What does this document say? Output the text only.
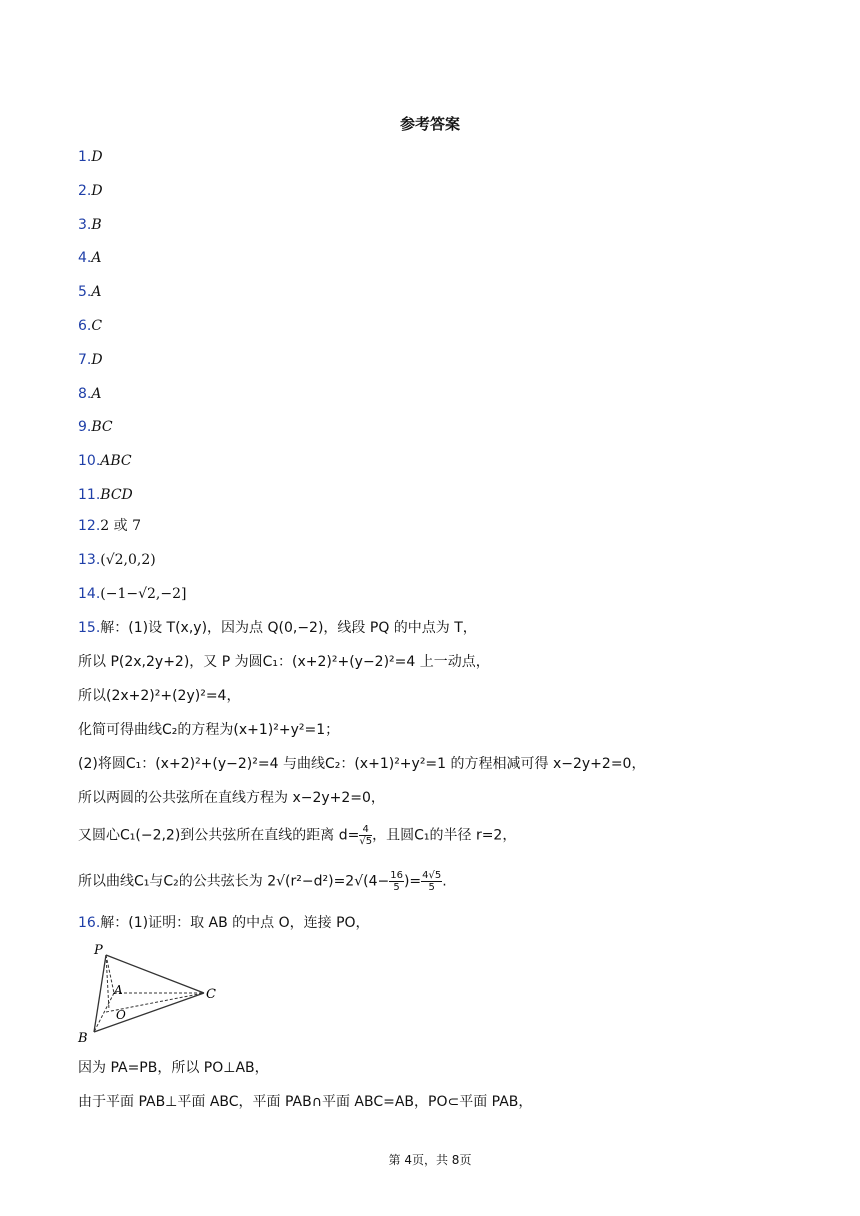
参考答案
1.D
2.D
3.B
4.A
5.A
6.C
7.D
8.A
9.BC
10.ABC
11.BCD
12.2 或 7
13.(√2,0,2)
14.(−1−√2,−2]
15.解：(1)设 T(x,y)，因为点 Q(0,−2)，线段 PQ 的中点为 T，
所以 P(2x,2y+2)，又 P 为圆C₁：(x+2)²+(y−2)²=4 上一动点，
所以(2x+2)²+(2y)²=4，
化简可得曲线C₂的方程为(x+1)²+y²=1；
(2)将圆C₁：(x+2)²+(y−2)²=4 与曲线C₂：(x+1)²+y²=1 的方程相减可得 x−2y+2=0，
所以两圆的公共弦所在直线方程为 x−2y+2=0，
又圆心C₁(−2,2)到公共弦所在直线的距离 $d= \frac{4}{√5}$ ，且圆C₁的半径 r=2，
所以曲线C₁与C₂的公共弦长为 $2√(r^2-d^2)=2√(4- \frac{16}{5}$ )= $\frac{4√5}{5}$ .
16.解：(1)证明：取 AB 的中点 O，连接 PO，
P
A
O
B
C
因为 PA=PB，所以 PO⊥AB，
由于平面 PAB⊥平面 ABC，平面 PAB∩平面 ABC=AB，PO⊂平面 PAB，
第 4页，共 8页
